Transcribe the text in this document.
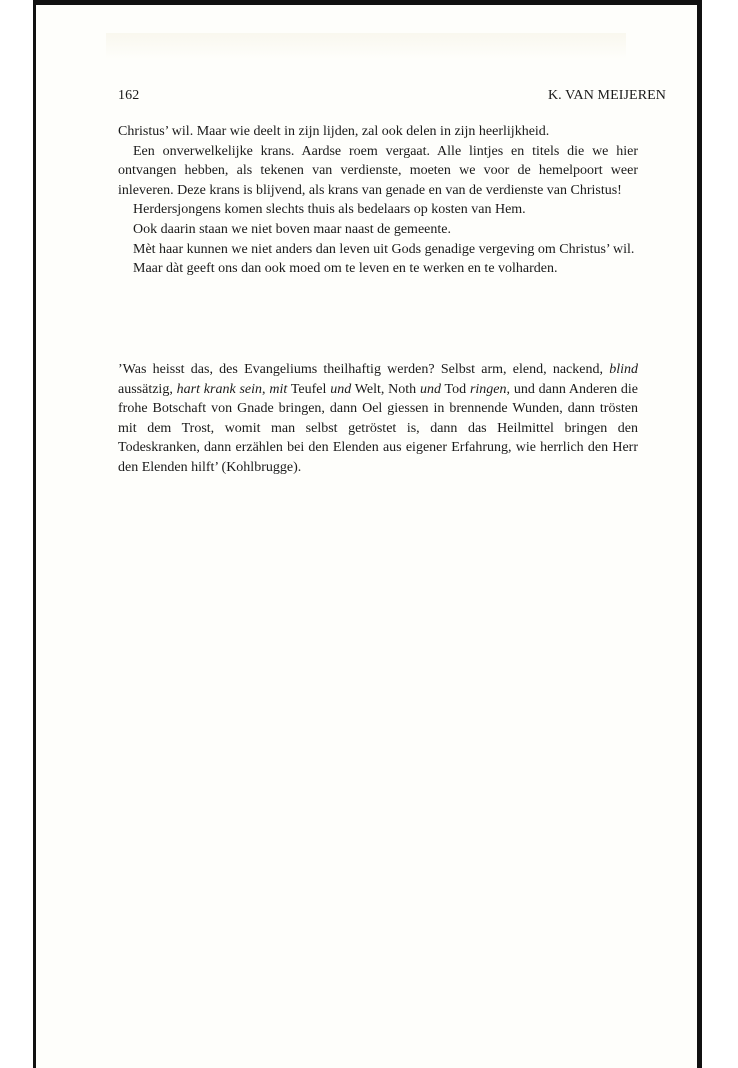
162	K. VAN MEIJEREN

Christus’ wil. Maar wie deelt in zijn lijden, zal ook delen in zijn heerlijkheid.

Een onverwelkelijke krans. Aardse roem vergaat. Alle lintjes en titels die we hier ontvangen hebben, als tekenen van verdienste, moeten we voor de hemelpoort weer inleveren. Deze krans is blijvend, als krans van genade en van de verdienste van Christus!

Herdersjongens komen slechts thuis als bedelaars op kosten van Hem.

Ook daarin staan we niet boven maar naast de gemeente.

Mèt haar kunnen we niet anders dan leven uit Gods genadige vergeving om Christus’ wil.

Maar dàt geeft ons dan ook moed om te leven en te werken en te volharden.

’Was heisst das, des Evangeliums theilhaftig werden? Selbst arm, elend, nackend, blind aussätzig, hart krank sein, mit Teufel und Welt, Noth und Tod ringen, und dann Anderen die frohe Botschaft von Gnade bringen, dann Oel giessen in brennende Wunden, dann trösten mit dem Trost, womit man selbst getröstet is, dann das Heilmittel bringen den Todeskranken, dann erzählen bei den Elenden aus eigener Erfahrung, wie herrlich den Herr den Elenden hilft’ (Kohlbrugge).
